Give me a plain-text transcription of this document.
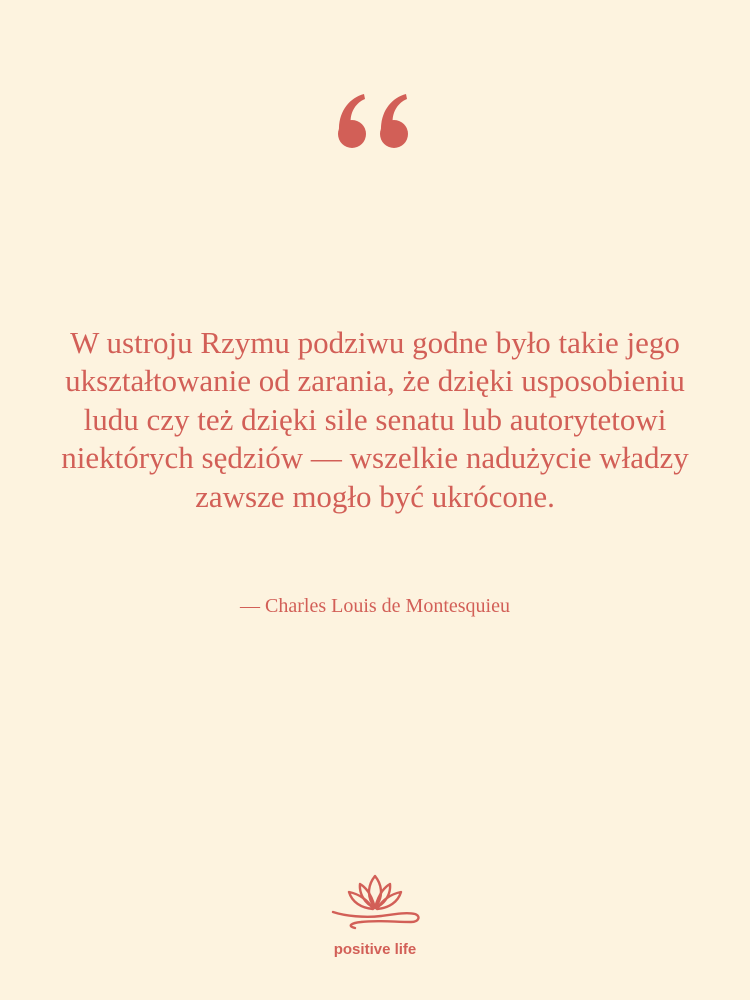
W ustroju Rzymu podziwu godne było takie jego ukształtowanie od zarania, że dzięki usposobieniu ludu czy też dzięki sile senatu lub autorytetowi niektórych sędziów — wszelkie nadużycie władzy zawsze mogło być ukrócone.

— Charles Louis de Montesquieu

positive life
